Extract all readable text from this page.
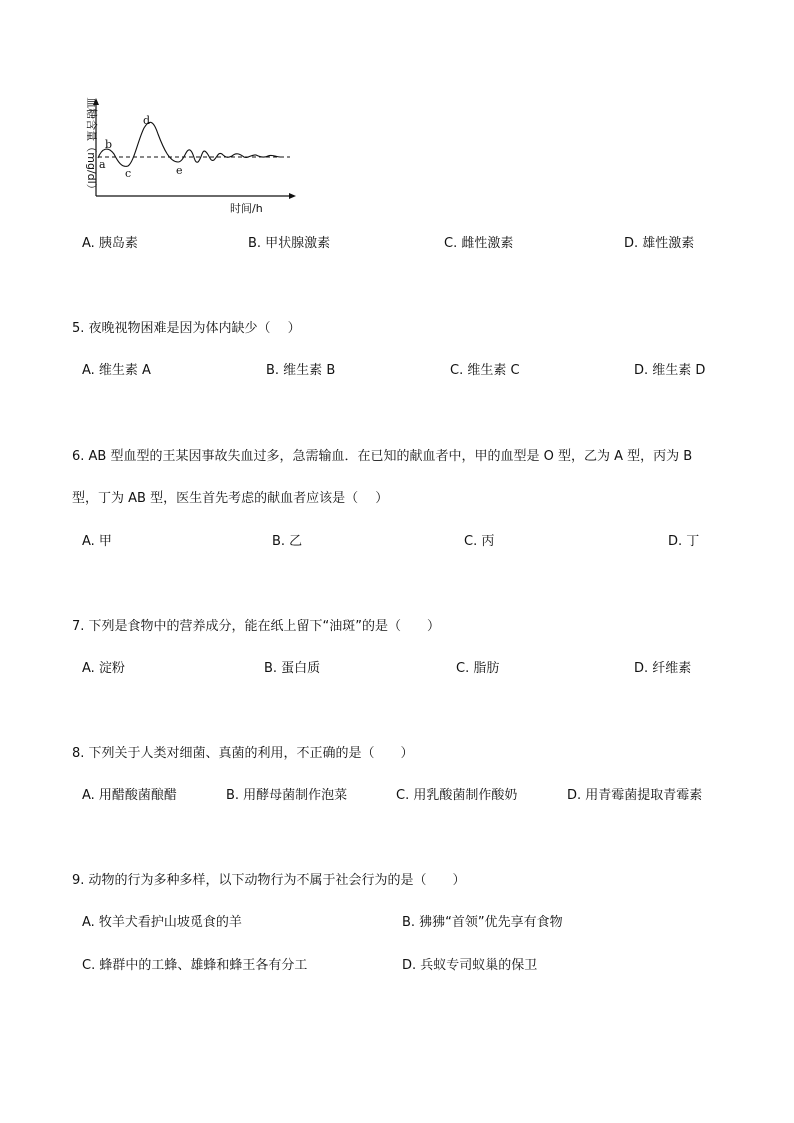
a
b
c
d
e
血糖含量（mg/dl）
时间/h
A. 胰岛素	B. 甲状腺激素	C. 雌性激素	D. 雄性激素
5. 夜晚视物困难是因为体内缺少（　 ）
A. 维生素 A	B. 维生素 B	C. 维生素 C	D. 维生素 D
6. AB 型血型的王某因事故失血过多，急需输血．在已知的献血者中，甲的血型是 O 型，乙为 A 型，丙为 B
型，丁为 AB 型，医生首先考虑的献血者应该是（　 ）
A. 甲	B. 乙	C. 丙	D. 丁
7. 下列是食物中的营养成分，能在纸上留下“油斑”的是（　　）
A. 淀粉	B. 蛋白质	C. 脂肪	D. 纤维素
8. 下列关于人类对细菌、真菌的利用，不正确的是（　　）
A. 用醋酸菌酿醋	B. 用酵母菌制作泡菜	C. 用乳酸菌制作酸奶	D. 用青霉菌提取青霉素
9. 动物的行为多种多样，以下动物行为不属于社会行为的是（　　）
A. 牧羊犬看护山坡觅食的羊	B. 狒狒“首领”优先享有食物
C. 蜂群中的工蜂、雄蜂和蜂王各有分工	D. 兵蚁专司蚁巢的保卫
